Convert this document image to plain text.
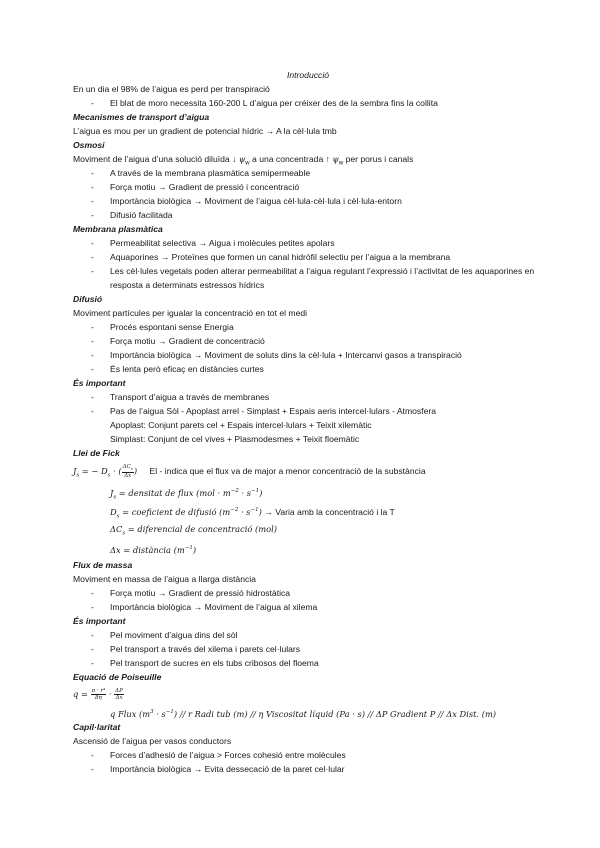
Introducció
En un dia el 98% de l’aigua es perd per transpiració
- El blat de moro necessita 160-200 L d’aigua per créixer des de la sembra fins la collita
Mecanismes de transport d’aigua
L’aigua es mou per un gradient de potencial hídric → A la cèl·lula tmb
Osmosi
Moviment de l’aigua d’una solució diluïda ↓ $\psi_w$ a una concentrada ↑ $\psi_w$ per porus i canals
- A través de la membrana plasmàtica semipermeable
- Força motiu → Gradient de pressió i concentració
- Importància biològica → Moviment de l’aigua cèl·lula-cèl·lula i cèl·lula-entorn
- Difusió facilitada
Membrana plasmàtica
- Permeabilitat selectiva → Aigua i molècules petites apolars
- Aquaporines → Proteïnes que formen un canal hidròfil selectiu per l’aigua a la membrana
- Les cèl·lules vegetals poden alterar permeabilitat a l’aigua regulant l’expressió i l’activitat de les aquaporines en resposta a determinats estressos hídrics
Difusió
Moviment partícules per igualar la concentració en tot el medi
- Procés espontani sense Energia
- Força motiu → Gradient de concentració
- Importància biològica → Moviment de soluts dins la cèl·lula + Intercanvi gasos a transpiració
- És lenta però eficaç en distàncies curtes
És important
- Transport d’aigua a través de membranes
- Pas de l’aigua Sòl - Apoplast arrel - Simplast + Espais aeris intercel·lulars - Atmosfera
Apoplast: Conjunt parets cel + Espais intercel·lulars + Teixit xilemàtic
Simplast: Conjunt de cel vives + Plasmodesmes + Teixit floemàtic
Llei de Fick
$J_s$ = − $D_s$ · ( $\frac{\Delta C_s}{\Delta x}$ ) El - indica que el flux va de major a menor concentració de la substància
$J_s$ = densitat de flux $(mol \cdot m^{-2} \cdot s^{-1})$
$D_s$ = coeficient de difusió $(m^{-2} \cdot s^{-1})$ → Varia amb la concentració i la T
$\Delta C_s$ = diferencial de concentració (mol)
Δx = distància $(m^{-1})$
Flux de massa
Moviment en massa de l’aigua a llarga distància
- Força motiu → Gradient de pressió hidrostàtica
- Importància biològica → Moviment de l’aigua al xilema
És important
- Pel moviment d’aigua dins del sòl
- Pel transport a través del xilema i parets cel·lulars
- Pel transport de sucres en els tubs cribosos del floema
Equació de Poiseuille
$q = \frac{\text{π · r⁴}}{8\eta} \cdot \frac{\Delta P}{\Delta x}$
q Flux $(m^3 \cdot s^{-1}) // r$ Radi tub (m) // η Viscositat líquid (Pa · s) // ΔP Gradient P // Δx Dist. (m)
Capil·laritat
Ascensió de l’aigua per vasos conductors
- Forces d’adhesió de l’aigua > Forces cohesió entre molècules
- Importància biològica → Evita dessecació de la paret cel·lular
